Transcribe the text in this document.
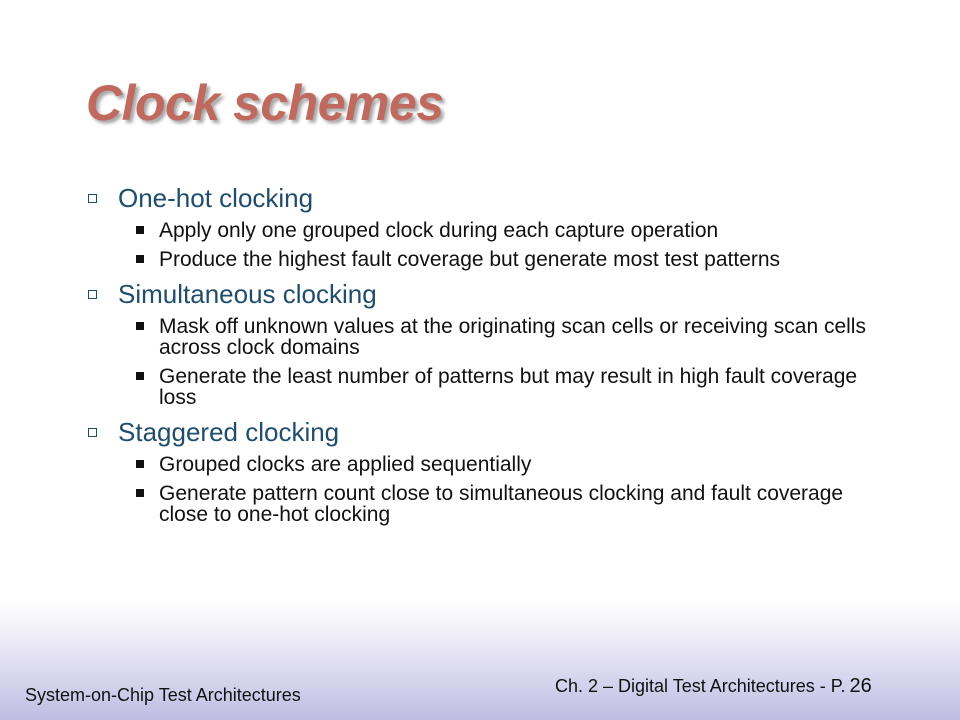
Clock schemes
One-hot clocking
Apply only one grouped clock during each capture operation
Produce the highest fault coverage but generate most test patterns
Simultaneous clocking
Mask off unknown values at the originating scan cells or receiving scan cells across clock domains
Generate the least number of patterns but may result in high fault coverage loss
Staggered clocking
Grouped clocks are applied sequentially
Generate pattern count close to simultaneous clocking and fault coverage close to one-hot clocking
System-on-Chip Test Architectures	Ch. 2 – Digital Test Architectures - P. 26
